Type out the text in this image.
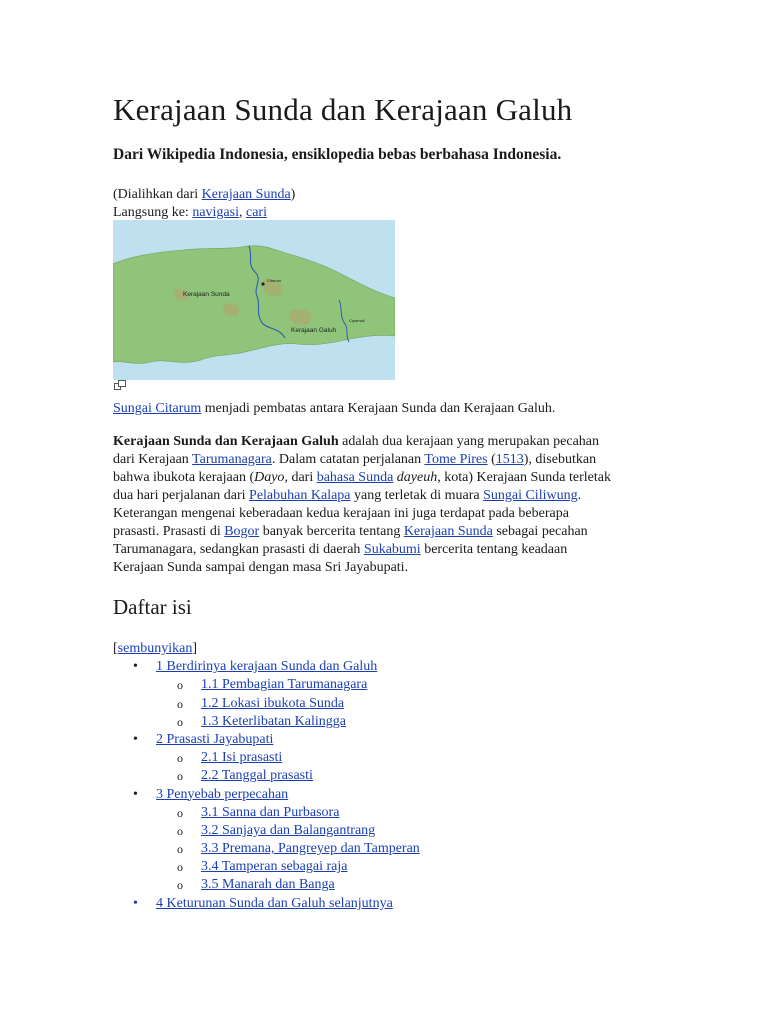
Kerajaan Sunda dan Kerajaan Galuh
Dari Wikipedia Indonesia, ensiklopedia bebas berbahasa Indonesia.
(Dialihkan dari Kerajaan Sunda)
Langsung ke: navigasi, cari
Kerajaan Sunda
Kerajaan Galuh
Citarum
Cipamali
Sungai Citarum menjadi pembatas antara Kerajaan Sunda dan Kerajaan Galuh.
Kerajaan Sunda dan Kerajaan Galuh adalah dua kerajaan yang merupakan pecahan
dari Kerajaan Tarumanagara. Dalam catatan perjalanan Tome Pires (1513), disebutkan
bahwa ibukota kerajaan (Dayo, dari bahasa Sunda dayeuh, kota) Kerajaan Sunda terletak
dua hari perjalanan dari Pelabuhan Kalapa yang terletak di muara Sungai Ciliwung.
Keterangan mengenai keberadaan kedua kerajaan ini juga terdapat pada beberapa
prasasti. Prasasti di Bogor banyak bercerita tentang Kerajaan Sunda sebagai pecahan
Tarumanagara, sedangkan prasasti di daerah Sukabumi bercerita tentang keadaan
Kerajaan Sunda sampai dengan masa Sri Jayabupati.
Daftar isi
[sembunyikan]
• 1 Berdirinya kerajaan Sunda dan Galuh
o 1.1 Pembagian Tarumanagara
o 1.2 Lokasi ibukota Sunda
o 1.3 Keterlibatan Kalingga
• 2 Prasasti Jayabupati
o 2.1 Isi prasasti
o 2.2 Tanggal prasasti
• 3 Penyebab perpecahan
o 3.1 Sanna dan Purbasora
o 3.2 Sanjaya dan Balangantrang
o 3.3 Premana, Pangreyep dan Tamperan
o 3.4 Tamperan sebagai raja
o 3.5 Manarah dan Banga
• 4 Keturunan Sunda dan Galuh selanjutnya
